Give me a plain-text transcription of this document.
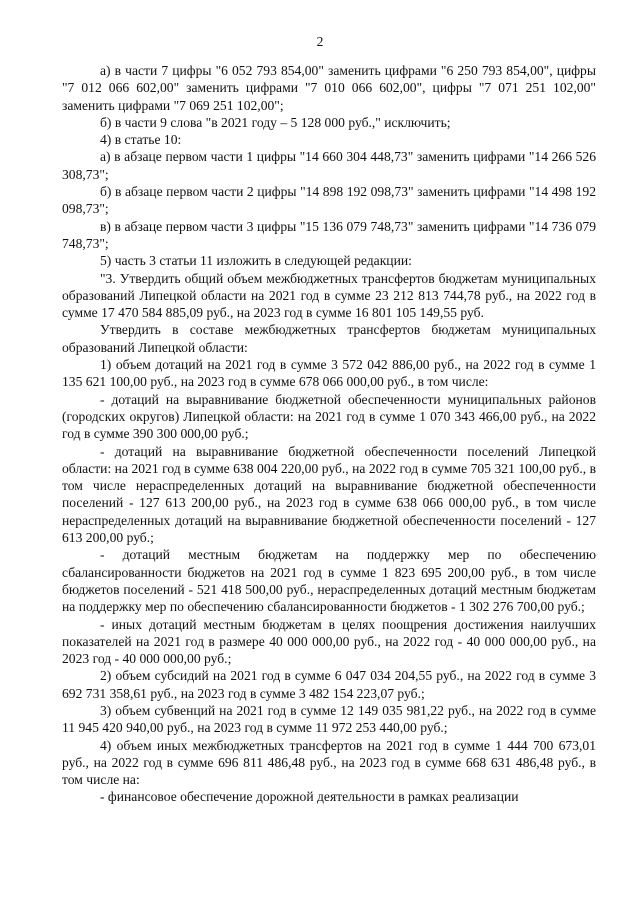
2

а) в части 7 цифры "6 052 793 854,00" заменить цифрами "6 250 793 854,00", цифры "7 012 066 602,00" заменить цифрами "7 010 066 602,00", цифры "7 071 251 102,00" заменить цифрами "7 069 251 102,00";

б) в части 9 слова "в 2021 году – 5 128 000 руб.," исключить;

4) в статье 10:

а) в абзаце первом части 1 цифры "14 660 304 448,73" заменить цифрами "14 266 526 308,73";

б) в абзаце первом части 2 цифры "14 898 192 098,73" заменить цифрами "14 498 192 098,73";

в) в абзаце первом части 3 цифры "15 136 079 748,73" заменить цифрами "14 736 079 748,73";

5) часть 3 статьи 11 изложить в следующей редакции:

"3. Утвердить общий объем межбюджетных трансфертов бюджетам муниципальных образований Липецкой области на 2021 год в сумме 23 212 813 744,78 руб., на 2022 год в сумме 17 470 584 885,09 руб., на 2023 год в сумме 16 801 105 149,55 руб.

Утвердить в составе межбюджетных трансфертов бюджетам муниципальных образований Липецкой области:

1) объем дотаций на 2021 год в сумме 3 572 042 886,00 руб., на 2022 год в сумме 1 135 621 100,00 руб., на 2023 год в сумме 678 066 000,00 руб., в том числе:

- дотаций на выравнивание бюджетной обеспеченности муниципальных районов (городских округов) Липецкой области: на 2021 год в сумме 1 070 343 466,00 руб., на 2022 год в сумме 390 300 000,00 руб.;

- дотаций на выравнивание бюджетной обеспеченности поселений Липецкой области: на 2021 год в сумме 638 004 220,00 руб., на 2022 год в сумме 705 321 100,00 руб., в том числе нераспределенных дотаций на выравнивание бюджетной обеспеченности поселений - 127 613 200,00 руб., на 2023 год в сумме 638 066 000,00 руб., в том числе нераспределенных дотаций на выравнивание бюджетной обеспеченности поселений - 127 613 200,00 руб.;

- дотаций местным бюджетам на поддержку мер по обеспечению сбалансированности бюджетов на 2021 год в сумме 1 823 695 200,00 руб., в том числе бюджетов поселений - 521 418 500,00 руб., нераспределенных дотаций местным бюджетам на поддержку мер по обеспечению сбалансированности бюджетов - 1 302 276 700,00 руб.;

- иных дотаций местным бюджетам в целях поощрения достижения наилучших показателей на 2021 год в размере 40 000 000,00 руб., на 2022 год - 40 000 000,00 руб., на 2023 год - 40 000 000,00 руб.;

2) объем субсидий на 2021 год в сумме 6 047 034 204,55 руб., на 2022 год в сумме 3 692 731 358,61 руб., на 2023 год в сумме 3 482 154 223,07 руб.;

3) объем субвенций на 2021 год в сумме 12 149 035 981,22 руб., на 2022 год в сумме 11 945 420 940,00 руб., на 2023 год в сумме 11 972 253 440,00 руб.;

4) объем иных межбюджетных трансфертов на 2021 год в сумме 1 444 700 673,01 руб., на 2022 год в сумме 696 811 486,48 руб., на 2023 год в сумме 668 631 486,48 руб., в том числе на:

- финансовое обеспечение дорожной деятельности в рамках реализации
